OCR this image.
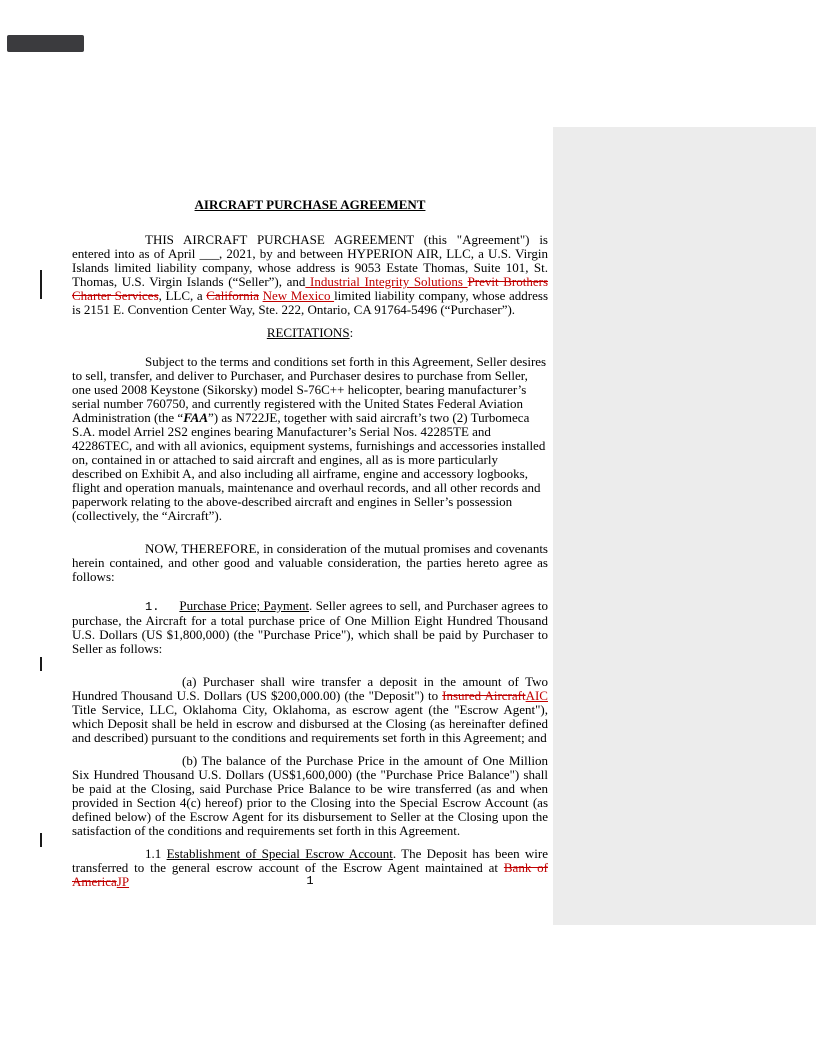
AIRCRAFT PURCHASE AGREEMENT

THIS AIRCRAFT PURCHASE AGREEMENT (this "Agreement") is entered into as of April ___, 2021, by and between HYPERION AIR, LLC, a U.S. Virgin Islands limited liability company, whose address is 9053 Estate Thomas, Suite 101, St. Thomas, U.S. Virgin Islands (“Seller”), and Industrial Integrity Solutions Previt Brothers Charter Services, LLC, a California New Mexico limited liability company, whose address is 2151 E. Convention Center Way, Ste. 222, Ontario, CA 91764-5496 (“Purchaser”).

RECITATIONS:

Subject to the terms and conditions set forth in this Agreement, Seller desires to sell, transfer, and deliver to Purchaser, and Purchaser desires to purchase from Seller, one used 2008 Keystone (Sikorsky) model S-76C++ helicopter, bearing manufacturer’s serial number 760750, and currently registered with the United States Federal Aviation Administration (the “FAA”) as N722JE, together with said aircraft’s two (2) Turbomeca S.A. model Arriel 2S2 engines bearing Manufacturer’s Serial Nos. 42285TE and 42286TEC, and with all avionics, equipment systems, furnishings and accessories installed on, contained in or attached to said aircraft and engines, all as is more particularly described on Exhibit A, and also including all airframe, engine and accessory logbooks, flight and operation manuals, maintenance and overhaul records, and all other records and paperwork relating to the above-described aircraft and engines in Seller’s possession (collectively, the “Aircraft”).

NOW, THEREFORE, in consideration of the mutual promises and covenants herein contained, and other good and valuable consideration, the parties hereto agree as follows:

1. Purchase Price; Payment. Seller agrees to sell, and Purchaser agrees to purchase, the Aircraft for a total purchase price of One Million Eight Hundred Thousand U.S. Dollars (US $1,800,000) (the "Purchase Price"), which shall be paid by Purchaser to Seller as follows:

(a) Purchaser shall wire transfer a deposit in the amount of Two Hundred Thousand U.S. Dollars (US $200,000.00) (the "Deposit") to Insured AircraftAIC Title Service, LLC, Oklahoma City, Oklahoma, as escrow agent (the "Escrow Agent"), which Deposit shall be held in escrow and disbursed at the Closing (as hereinafter defined and described) pursuant to the conditions and requirements set forth in this Agreement; and

(b) The balance of the Purchase Price in the amount of One Million Six Hundred Thousand U.S. Dollars (US$1,600,000) (the "Purchase Price Balance") shall be paid at the Closing, said Purchase Price Balance to be wire transferred (as and when provided in Section 4(c) hereof) prior to the Closing into the Special Escrow Account (as defined below) of the Escrow Agent for its disbursement to Seller at the Closing upon the satisfaction of the conditions and requirements set forth in this Agreement.

1.1 Establishment of Special Escrow Account. The Deposit has been wire transferred to the general escrow account of the Escrow Agent maintained at Bank of AmericaJP	1
